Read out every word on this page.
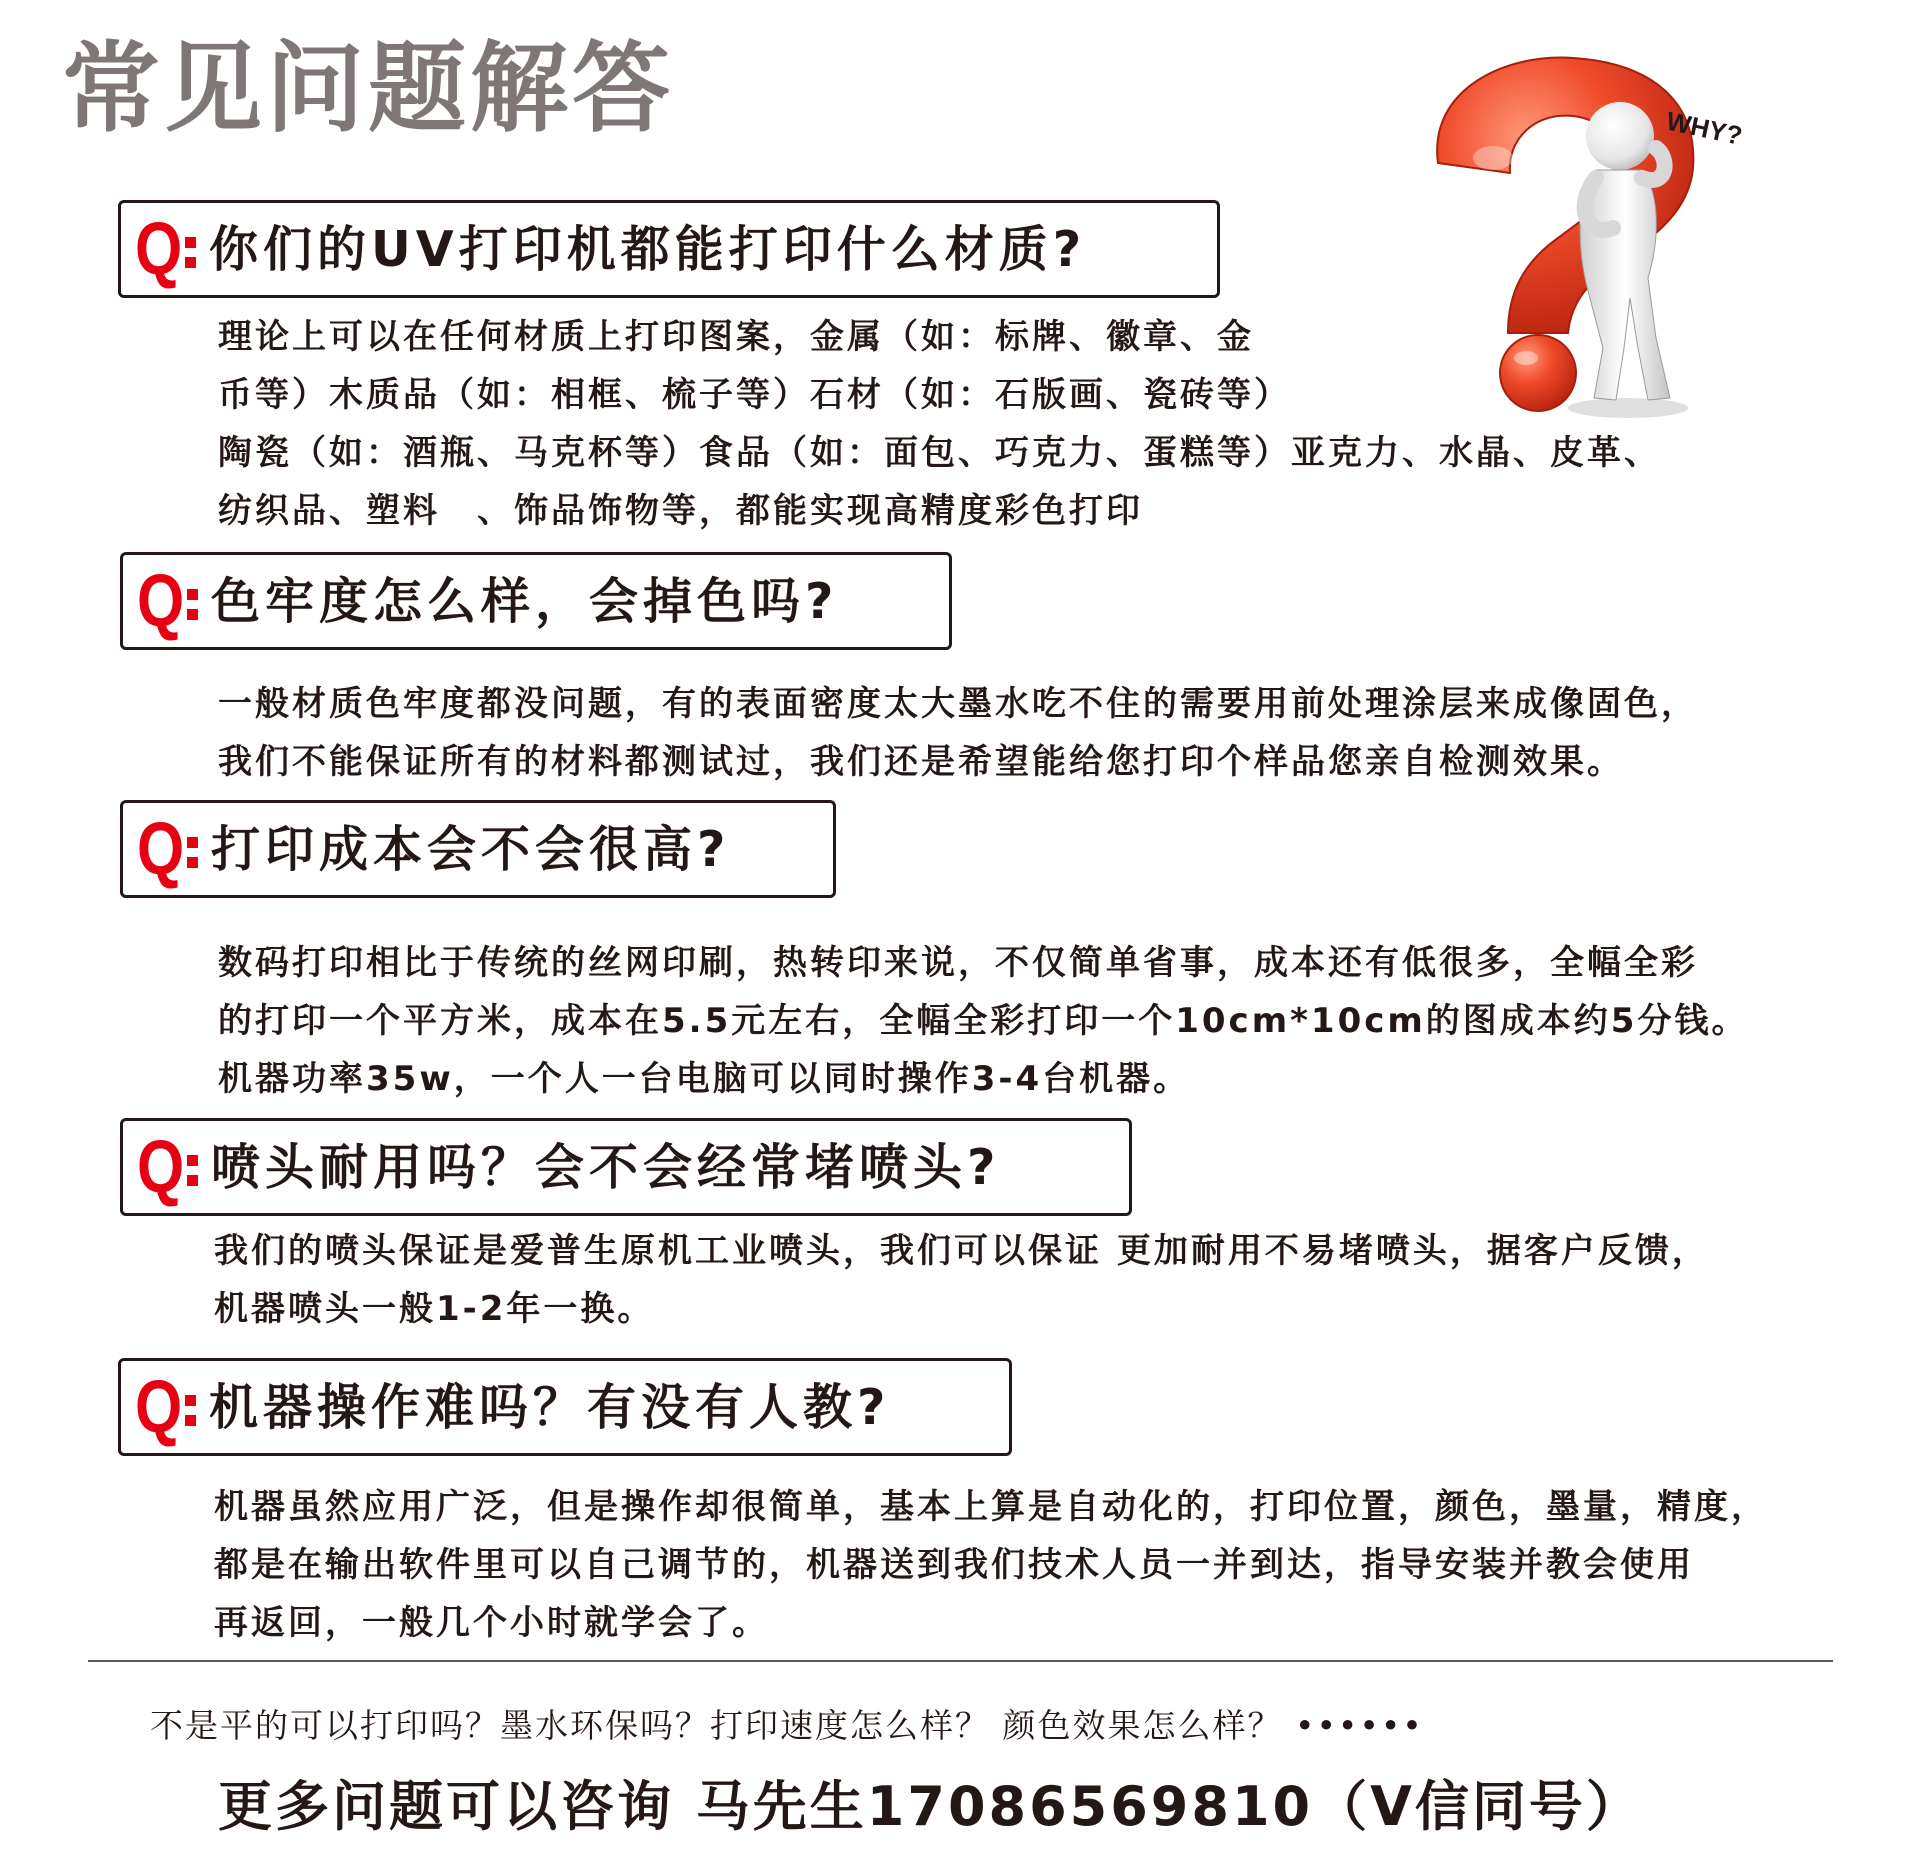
常见问题解答	WHY?
Q 你们的UV打印机都能打印什么材质?
理论上可以在任何材质上打印图案，金属（如：标牌、徽章、金
币等）木质品（如：相框、梳子等）石材（如：石版画、瓷砖等）
陶瓷（如：酒瓶、马克杯等）食品（如：面包、巧克力、蛋糕等）亚克力、水晶、皮革、
纺织品、塑料　、饰品饰物等，都能实现高精度彩色打印
Q 色牢度怎么样，会掉色吗?
一般材质色牢度都没问题，有的表面密度太大墨水吃不住的需要用前处理涂层来成像固色，
我们不能保证所有的材料都测试过，我们还是希望能给您打印个样品您亲自检测效果。
Q 打印成本会不会很高?
数码打印相比于传统的丝网印刷，热转印来说，不仅简单省事，成本还有低很多，全幅全彩
的打印一个平方米，成本在5.5元左右，全幅全彩打印一个10cm*10cm的图成本约5分钱。
机器功率35w，一个人一台电脑可以同时操作3-4台机器。
Q 喷头耐用吗？会不会经常堵喷头?
我们的喷头保证是爱普生原机工业喷头，我们可以保证 更加耐用不易堵喷头，据客户反馈，
机器喷头一般1-2年一换。
Q 机器操作难吗？有没有人教?
机器虽然应用广泛，但是操作却很简单，基本上算是自动化的，打印位置，颜色，墨量，精度，
都是在输出软件里可以自己调节的，机器送到我们技术人员一并到达，指导安装并教会使用
再返回，一般几个小时就学会了。
不是平的可以打印吗？墨水环保吗？打印速度怎么样？ 颜色效果怎么样？ ••••••
更多问题可以咨询 马先生17086569810（V信同号）
